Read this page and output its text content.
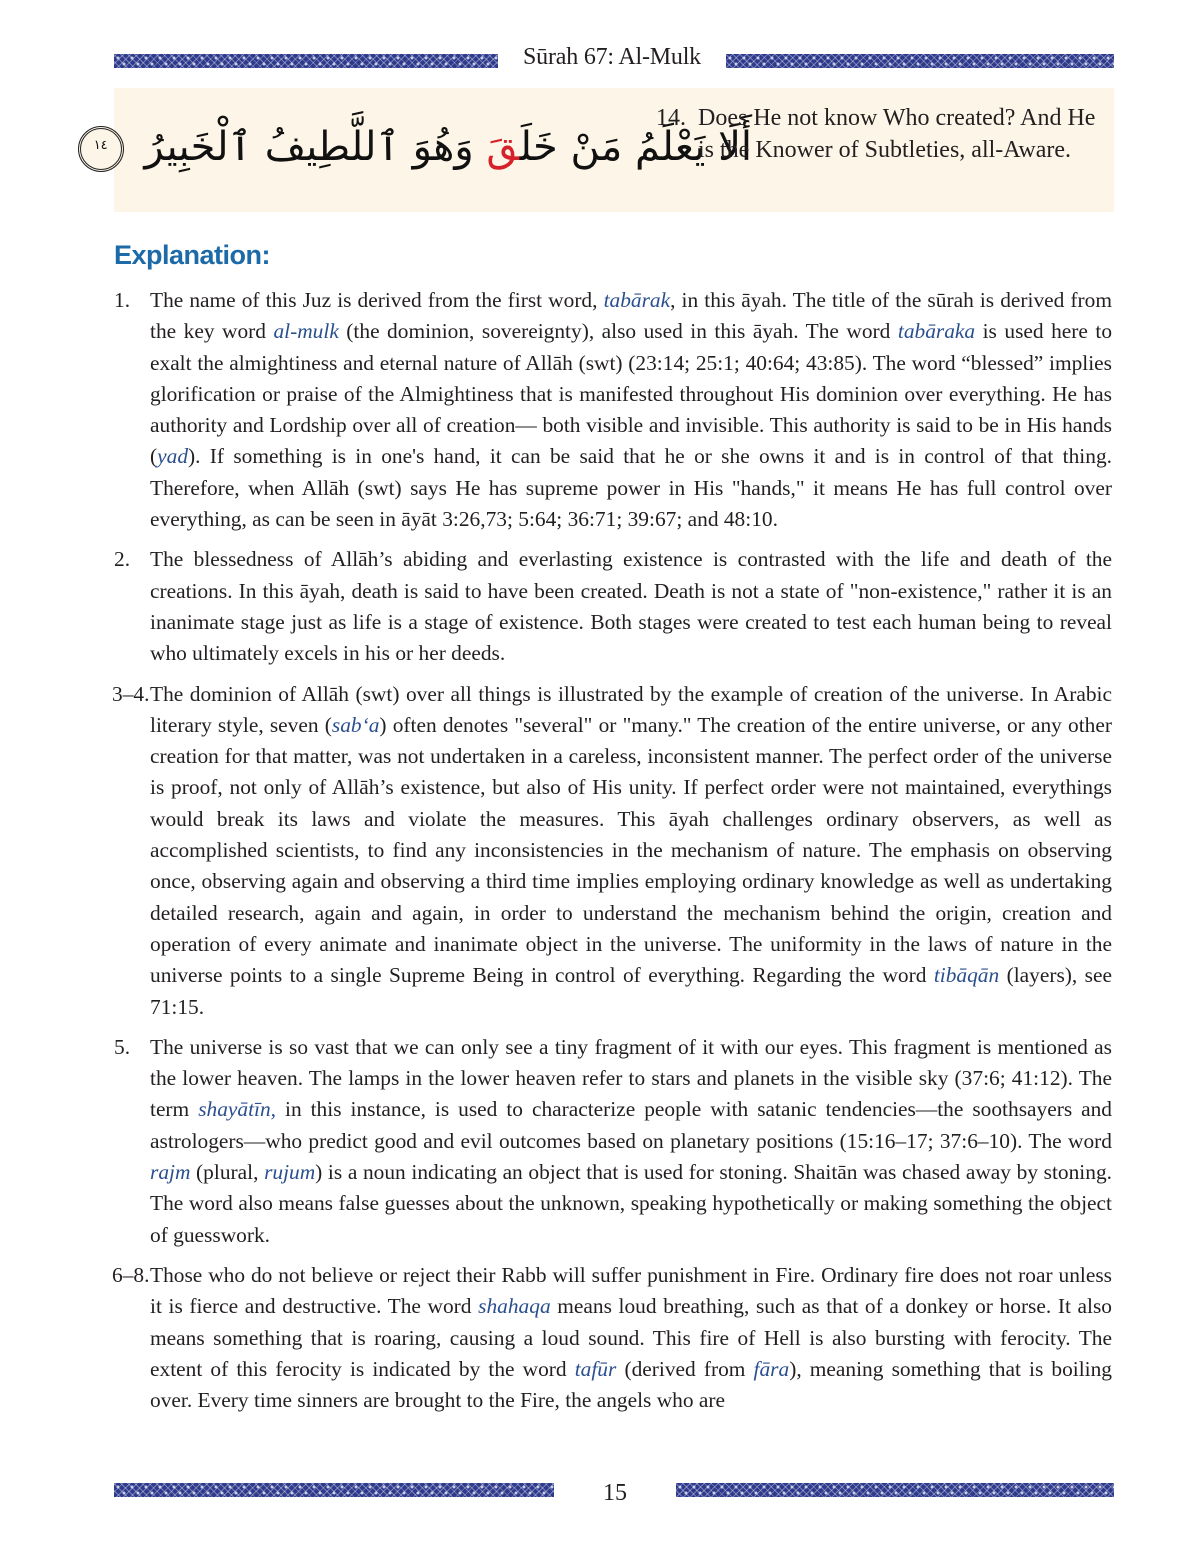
Sūrah 67: Al-Mulk
أَلَا يَعْلَمُ مَنْ خَلَقَ وَهُوَ ٱللَّطِيفُ ٱلْخَبِيرُ ١٤
14. Does He not know Who created? And He is the Knower of Subtleties, all-Aware.
Explanation:
1. The name of this Juz is derived from the first word, tabārak, in this āyah. The title of the sūrah is derived from the key word al-mulk (the dominion, sovereignty), also used in this āyah. The word tabāraka is used here to exalt the almightiness and eternal nature of Allāh (swt) (23:14; 25:1; 40:64; 43:85). The word “blessed” implies glorification or praise of the Almightiness that is manifested throughout His dominion over everything. He has authority and Lordship over all of creation— both visible and invisible. This authority is said to be in His hands (yad). If something is in one's hand, it can be said that he or she owns it and is in control of that thing. Therefore, when Allāh (swt) says He has supreme power in His "hands," it means He has full control over everything, as can be seen in āyāt 3:26,73; 5:64; 36:71; 39:67; and 48:10.
2. The blessedness of Allāh’s abiding and everlasting existence is contrasted with the life and death of the creations. In this āyah, death is said to have been created. Death is not a state of "non-existence," rather it is an inanimate stage just as life is a stage of existence. Both stages were created to test each human being to reveal who ultimately excels in his or her deeds.
3–4. The dominion of Allāh (swt) over all things is illustrated by the example of creation of the universe. In Arabic literary style, seven (sab‘a) often denotes "several" or "many." The creation of the entire universe, or any other creation for that matter, was not undertaken in a careless, inconsistent manner. The perfect order of the universe is proof, not only of Allāh’s existence, but also of His unity. If perfect order were not maintained, everythings would break its laws and violate the measures. This āyah challenges ordinary observers, as well as accomplished scientists, to find any inconsistencies in the mechanism of nature. The emphasis on observing once, observing again and observing a third time implies employing ordinary knowledge as well as undertaking detailed research, again and again, in order to understand the mechanism behind the origin, creation and operation of every animate and inanimate object in the universe. The uniformity in the laws of nature in the universe points to a single Supreme Being in control of everything. Regarding the word tibāqān (layers), see 71:15.
5. The universe is so vast that we can only see a tiny fragment of it with our eyes. This fragment is mentioned as the lower heaven. The lamps in the lower heaven refer to stars and planets in the visible sky (37:6; 41:12). The term shayātīn, in this instance, is used to characterize people with satanic tendencies—the soothsayers and astrologers—who predict good and evil outcomes based on planetary positions (15:16–17; 37:6–10). The word rajm (plural, rujum) is a noun indicating an object that is used for stoning. Shaitān was chased away by stoning. The word also means false guesses about the unknown, speaking hypothetically or making something the object of guesswork.
6–8. Those who do not believe or reject their Rabb will suffer punishment in Fire. Ordinary fire does not roar unless it is fierce and destructive. The word shahaqa means loud breathing, such as that of a donkey or horse. It also means something that is roaring, causing a loud sound. This fire of Hell is also bursting with ferocity. The extent of this ferocity is indicated by the word tafūr (derived from fāra), meaning something that is boiling over. Every time sinners are brought to the Fire, the angels who are
15
